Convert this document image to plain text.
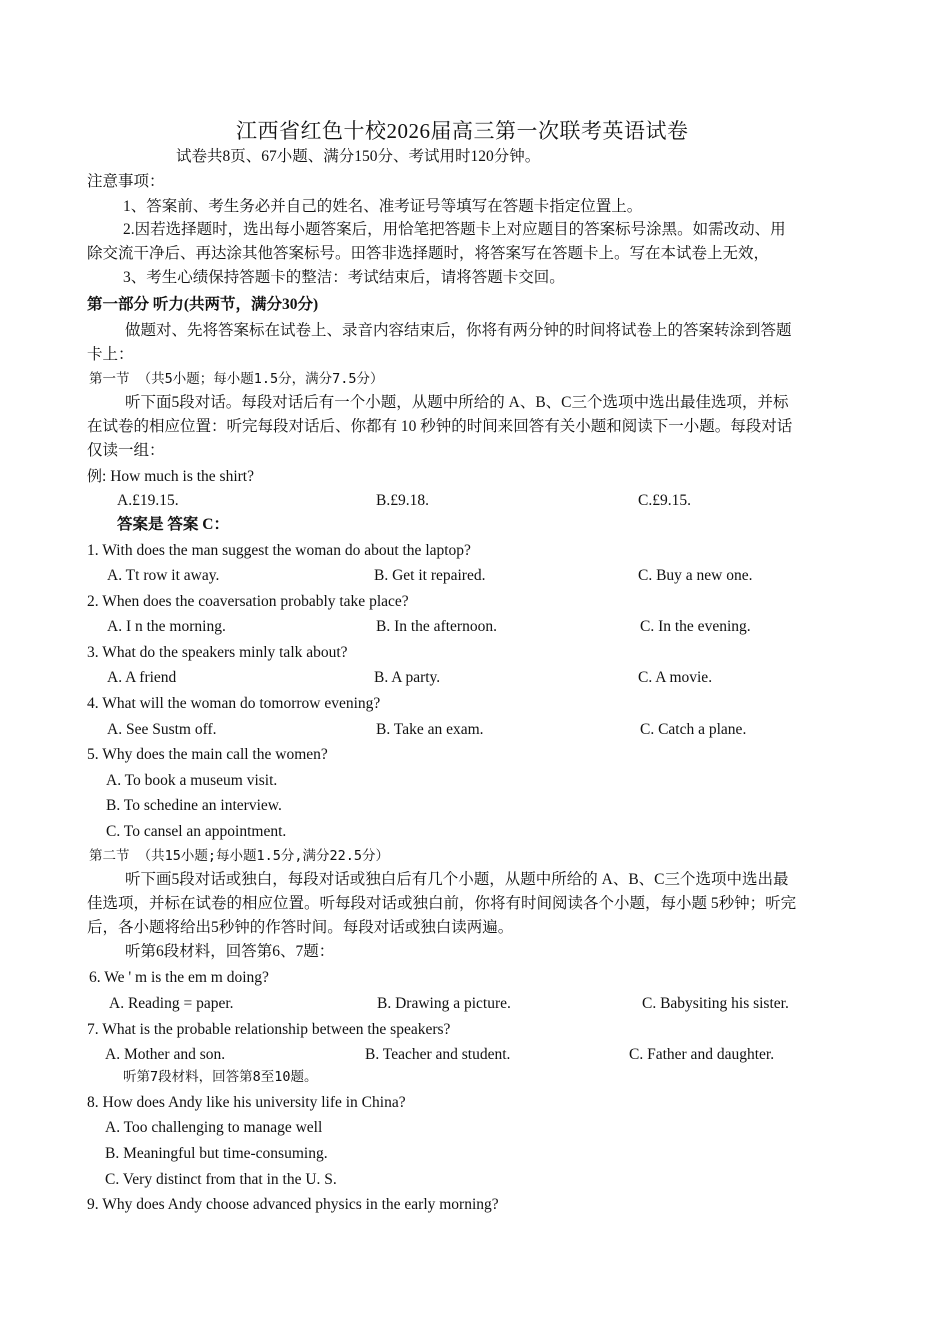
江西省红色十校2026届高三第一次联考英语试卷
试卷共8页、67小题、满分150分、考试用时120分钟。
注意事项：
1、答案前、考生务必并自己的姓名、准考证号等填写在答题卡指定位置上。
2.因若选择题时，选出每小题答案后，用恰笔把答题卡上对应题目的答案标号涂黑。如需改动、用
除交流干净后、再达涂其他答案标号。田答非选择题时，将答案写在答题卡上。写在本试卷上无效，
3、考生心绩保持答题卡的整洁：考试结束后，请将答题卡交回。
第一部分 听力(共两节，满分30分)
做题对、先将答案标在试卷上、录音内容结束后，你将有两分钟的时间将试卷上的答案转涂到答题
卡上：
第一节 （共5小题；每小题1.5分，满分7.5分）
听下面5段对话。每段对话后有一个小题，从题中所给的 A、B、C三个选项中选出最佳选项，并标
在试卷的相应位置：听完每段对话后、你都有 10 秒钟的时间来回答有关小题和阅读下一小题。每段对话
仅读一组：
例: How much is the shirt?
A.£19.15.	B.£9.18.	C.£9.15.
答案是 答案 C：
1. With does the man suggest the woman do about the laptop?
A. Tt row it away.	B. Get it repaired.	C. Buy a new one.
2. When does the coaversation probably take place?
A. I n the morning.	B. In the afternoon.	C. In the evening.
3. What do the speakers minly talk about?
A. A friend	B. A party.	C. A movie.
4. What will the woman do tomorrow evening?
A. See Sustm off.	B. Take an exam.	C. Catch a plane.
5. Why does the main call the women?
A. To book a museum visit.
B. To schedine an interview.
C. To cansel an appointment.
第二节 （共15小题;每小题1.5分,满分22.5分）
听下画5段对话或独白，每段对话或独白后有几个小题，从题中所给的 A、B、C三个选项中选出最
佳选项，并标在试卷的相应位置。听每段对话或独白前，你将有时间阅读各个小题，每小题 5秒钟；听完
后，各小题将给出5秒钟的作答时间。每段对话或独白读两遍。
听第6段材料，回答第6、7题：
6. We ' m is the em m doing?
A. Reading = paper.	B. Drawing a picture.	C. Babysiting his sister.
7. What is the probable relationship between the speakers?
A. Mother and son.	B. Teacher and student.	C. Father and daughter.
听第7段材料，回答第8至10题。
8. How does Andy like his university life in China?
A. Too challenging to manage well
B. Meaningful but time-consuming.
C. Very distinct from that in the U. S.
9. Why does Andy choose advanced physics in the early morning?
